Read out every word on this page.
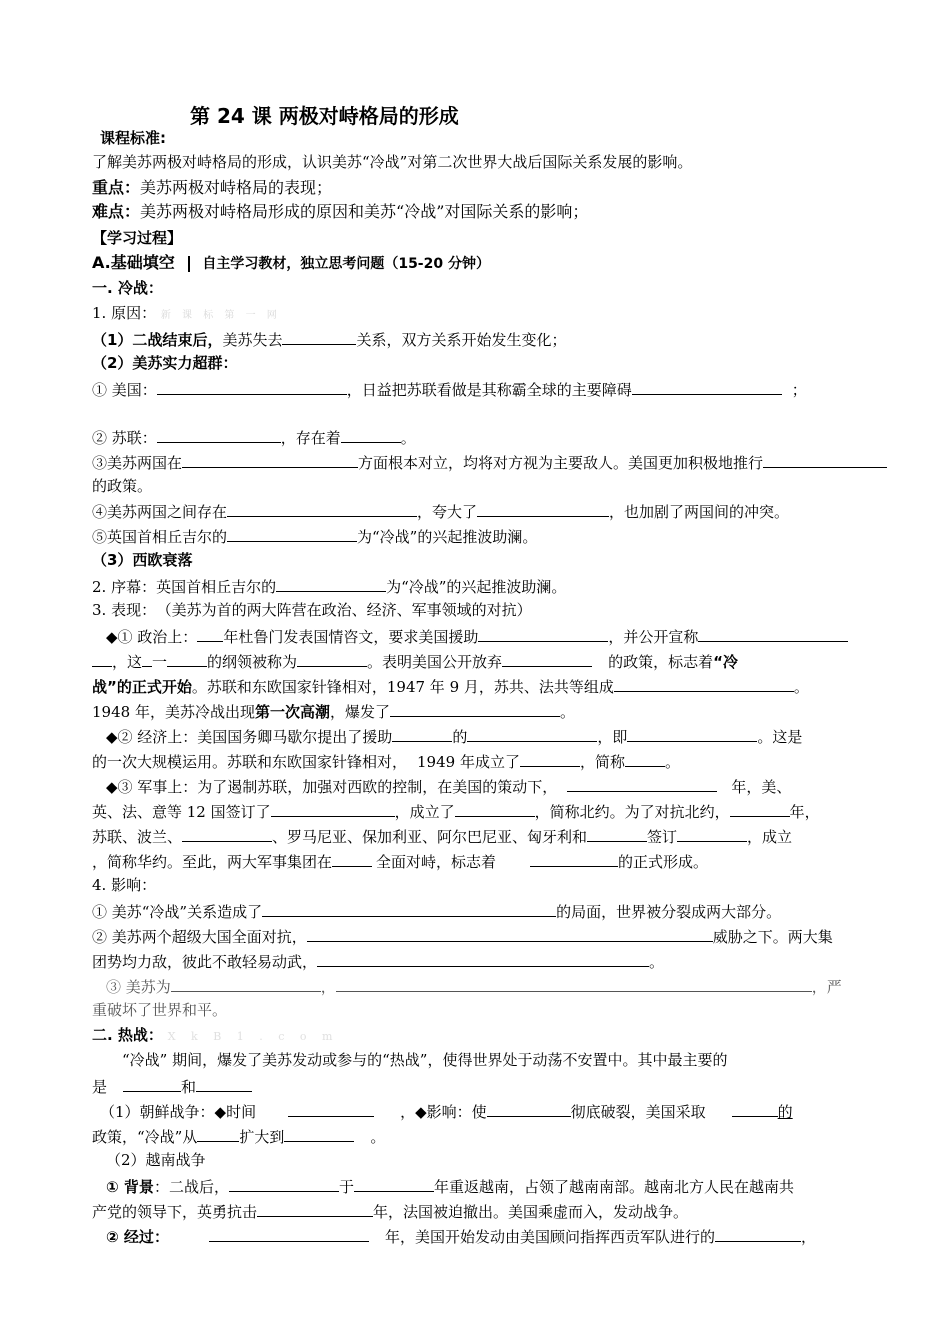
第 24 课 两极对峙格局的形成
课程标准:
了解美苏两极对峙格局的形成，认识美苏“冷战”对第二次世界大战后国际关系发展的影响。
重点：美苏两极对峙格局的表现；
难点：美苏两极对峙格局形成的原因和美苏“冷战”对国际关系的影响；
【学习过程】
A.基础填空 自主学习教材，独立思考问题（15-20 分钟）
一. 冷战：
1. 原因： 新 课 标 第 一 网
（1）二战结束后，美苏失去	关系，双方关系开始发生变化；
（2）美苏实力超群：
① 美国：	，日益把苏联看做是其称霸全球的主要障碍	；
② 苏联：	，存在着	。
③美苏两国在	方面根本对立，均将对方视为主要敌人。美国更加积极地推行
的政策。
④美苏两国之间存在	，夸大了	，也加剧了两国间的冲突。
⑤英国首相丘吉尔的	为“冷战”的兴起推波助澜。
（3）西欧衰落
2. 序幕：英国首相丘吉尔的	为“冷战”的兴起推波助澜。
3. 表现： （美苏为首的两大阵营在政治、经济、军事领域的对抗）
◆① 政治上： 年杜鲁门发表国情咨文，要求美国援助	，并公开宣称
，这 一	的纲领被称为	。表明美国公开放弃	的政策，标志着“冷
战”的正式开始。苏联和东欧国家针锋相对，1947 年 9 月，苏共、法共等组成	。
1948 年，美苏冷战出现第一次高潮，爆发了	。
◆② 经济上：美国国务卿马歇尔提出了援助	的	，即	。这是
的一次大规模运用。苏联和东欧国家针锋相对， 1949 年成立了	，简称	。
◆③ 军事上：为了遏制苏联，加强对西欧的控制，在美国的策动下，	年，美、
英、法、意等 12 国签订了	，成立了	，简称北约。为了对抗北约，	年，
苏联、波兰、	、罗马尼亚、保加利亚、阿尔巴尼亚、匈牙利和	签订	，成立
，简称华约。至此，两大军事集团在	全面对峙，标志着	的正式形成。
4. 影响：
① 美苏“冷战”关系造成了	的局面，世界被分裂成两大部分。
② 美苏两个超级大国全面对抗，	威胁之下。两大集
团势均力敌，彼此不敢轻易动武，	。
③ 美苏为	，	，严
重破坏了世界和平。
二. 热战： X k B 1 . c o m
“冷战” 期间，爆发了美苏发动或参与的“热战”，使得世界处于动荡不安置中。其中最主要的
是	和
（1）朝鲜战争：◆时间	，◆影响：使	彻底破裂，美国采取	的
政策，“冷战”从	扩大到	。
（2）越南战争
① 背景：二战后，	于	年重返越南，占领了越南南部。越南北方人民在越南共
产党的领导下，英勇抗击	年，法国被迫撤出。美国乘虚而入，发动战争。
② 经过：	年，美国开始发动由美国顾问指挥西贡军队进行的	，
